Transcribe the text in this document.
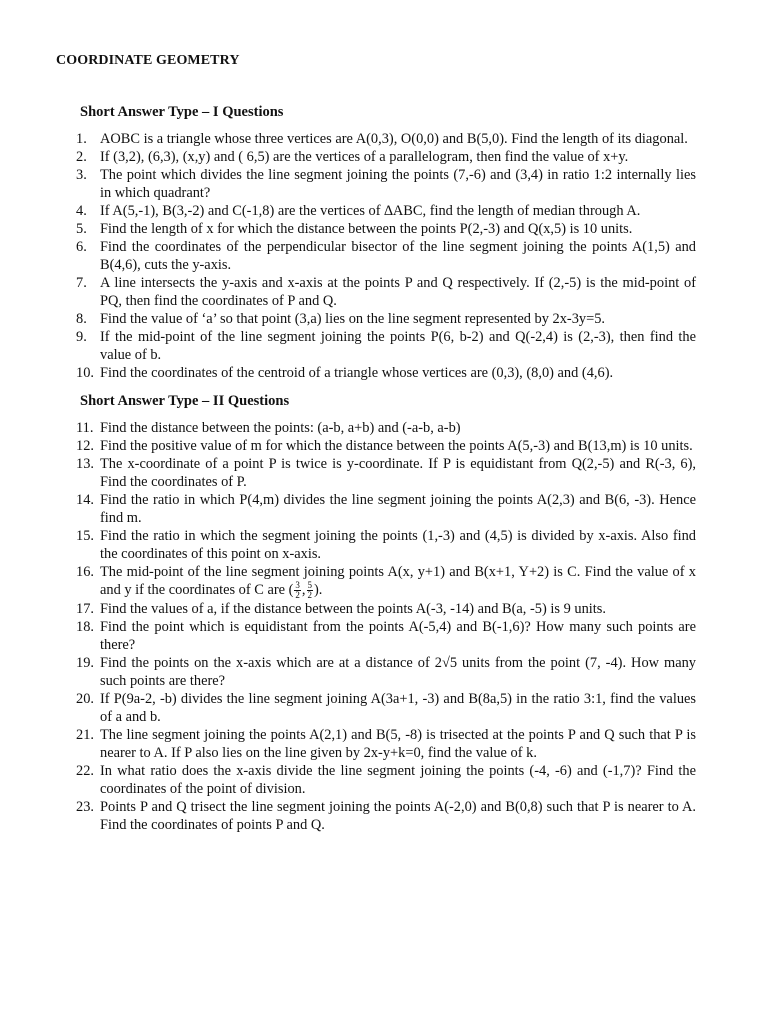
COORDINATE GEOMETRY
Short Answer Type – I Questions
1. AOBC is a triangle whose three vertices are A(0,3), O(0,0) and B(5,0). Find the length of its diagonal.
2. If (3,2), (6,3), (x,y) and ( 6,5) are the vertices of a parallelogram, then find the value of x+y.
3. The point which divides the line segment joining the points (7,-6) and (3,4) in ratio 1:2 internally lies in which quadrant?
4. If A(5,-1), B(3,-2) and C(-1,8) are the vertices of ∆ABC, find the length of median through A.
5. Find the length of x for which the distance between the points P(2,-3) and Q(x,5) is 10 units.
6. Find the coordinates of the perpendicular bisector of the line segment joining the points A(1,5) and B(4,6), cuts the y-axis.
7. A line intersects the y-axis and x-axis at the points P and Q respectively. If (2,-5) is the mid-point of PQ, then find the coordinates of P and Q.
8. Find the value of ‘a’ so that point (3,a) lies on the line segment represented by 2x-3y=5.
9. If the mid-point of the line segment joining the points P(6, b-2) and Q(-2,4) is (2,-3), then find the value of b.
10. Find the coordinates of the centroid of a triangle whose vertices are (0,3), (8,0) and (4,6).
Short Answer Type – II Questions
11. Find the distance between the points: (a-b, a+b) and (-a-b, a-b)
12. Find the positive value of m for which the distance between the points A(5,-3) and B(13,m) is 10 units.
13. The x-coordinate of a point P is twice is y-coordinate. If P is equidistant from Q(2,-5) and R(-3, 6), Find the coordinates of P.
14. Find the ratio in which P(4,m) divides the line segment joining the points A(2,3) and B(6, -3). Hence find m.
15. Find the ratio in which the segment joining the points (1,-3) and (4,5) is divided by x-axis. Also find the coordinates of this point on x-axis.
16. The mid-point of the line segment joining points A(x, y+1) and B(x+1, Y+2) is C. Find the value of x and y if the coordinates of C are ( $\frac{3}{2}$ , $\frac{5}{2}$ ).
17. Find the values of a, if the distance between the points A(-3, -14) and B(a, -5) is 9 units.
18. Find the point which is equidistant from the points A(-5,4) and B(-1,6)? How many such points are there?
19. Find the points on the x-axis which are at a distance of 2√5 units from the point (7, -4). How many such points are there?
20. If P(9a-2, -b) divides the line segment joining A(3a+1, -3) and B(8a,5) in the ratio 3:1, find the values of a and b.
21. The line segment joining the points A(2,1) and B(5, -8) is trisected at the points P and Q such that P is nearer to A. If P also lies on the line given by 2x-y+k=0, find the value of k.
22. In what ratio does the x-axis divide the line segment joining the points (-4, -6) and (-1,7)? Find the coordinates of the point of division.
23. Points P and Q trisect the line segment joining the points A(-2,0) and B(0,8) such that P is nearer to A. Find the coordinates of points P and Q.
